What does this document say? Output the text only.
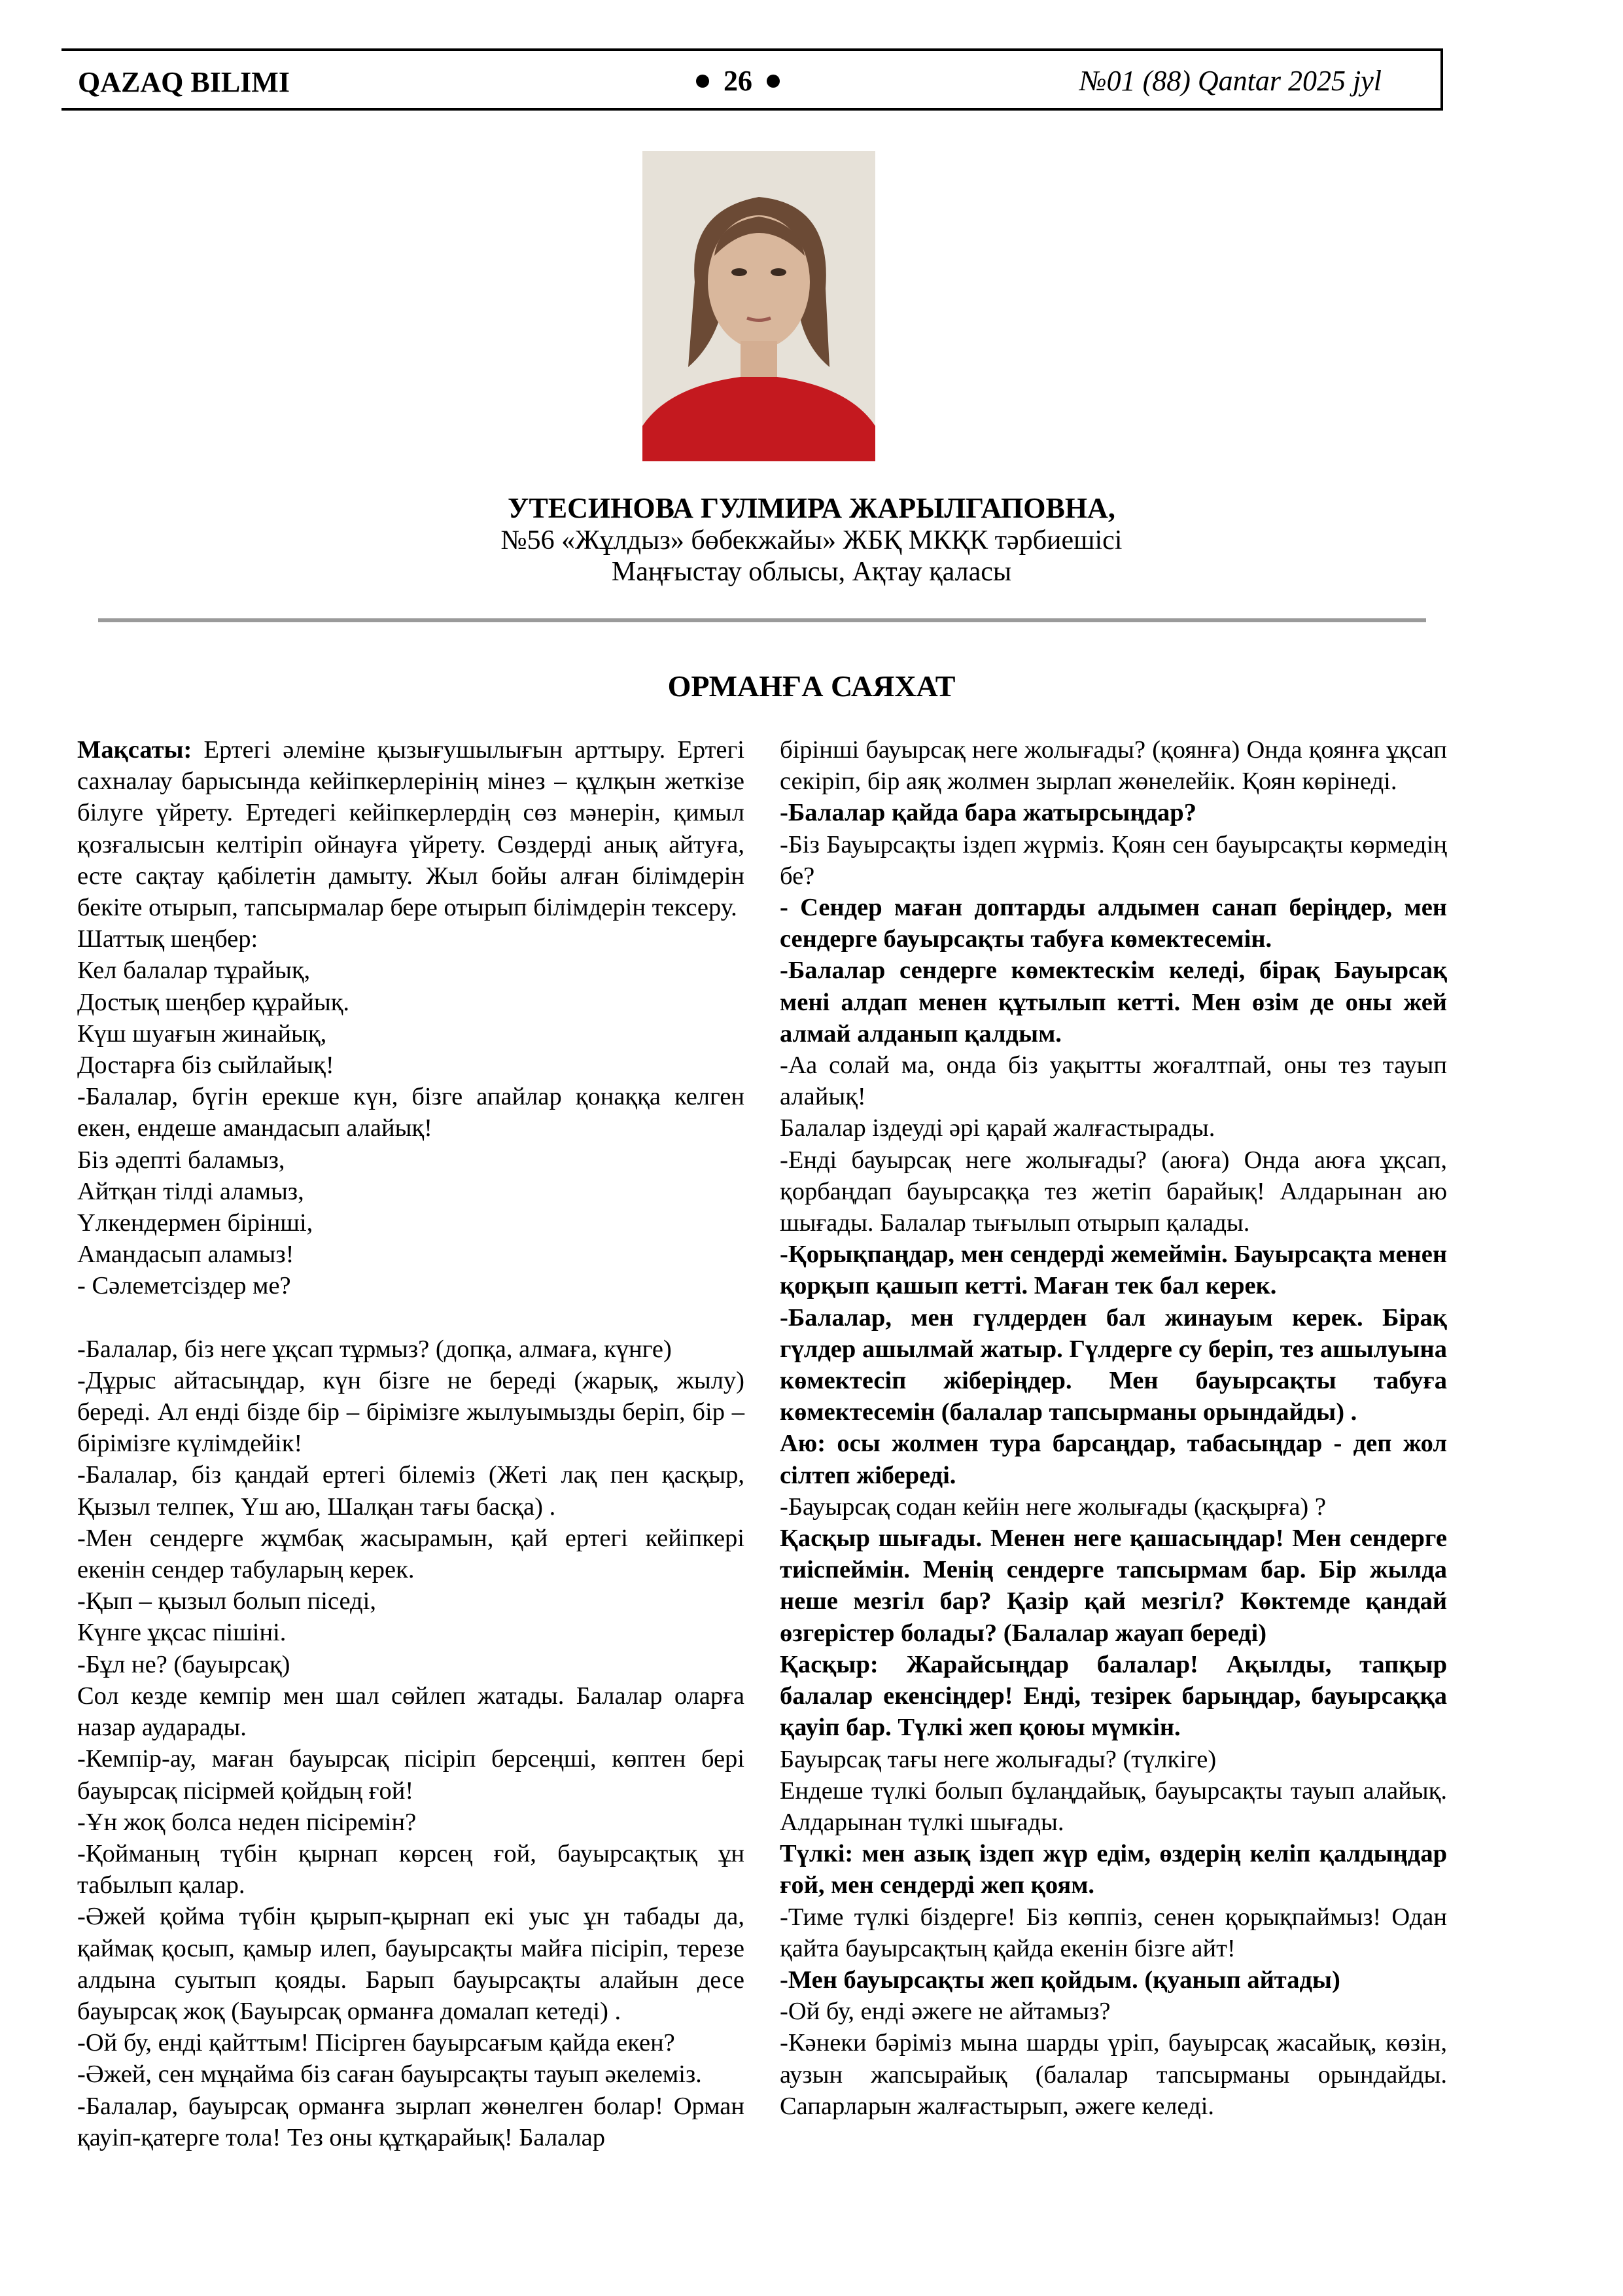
QAZAQ BILIMI	26	№01 (88) Qantar 2025 jyl
УТЕСИНОВА ГУЛМИРА ЖАРЫЛГАПОВНА,
№56 «Жұлдыз» бөбекжайы» ЖБҚ МКҚК тәрбиешісі
Маңғыстау облысы, Ақтау қаласы
ОРМАНҒА САЯХАТ

Мақсаты: Ертегі әлеміне қызығушылығын арттыру. Ертегі сахналау барысында кейіпкерлерінің мінез – құлқын жеткізе білуге үйрету. Ертедегі кейіпкерлердің сөз мәнерін, қимыл қозғалысын келтіріп ойнауға үйрету. Сөздерді анық айтуға, есте сақтау қабілетін дамыту. Жыл бойы алған білімдерін бекіте отырып, тапсырмалар бере отырып білімдерін тексеру.

Шаттық шеңбер:
Кел балалар тұрайық,
Достық шеңбер құрайық.
Күш шуағын жинайық,
Достарға біз сыйлайық!

-Балалар, бүгін ерекше күн, бізге апайлар қонаққа келген екен, ендеше амандасып алайық!

Біз әдепті баламыз,
Айтқан тілді аламыз,
Үлкендермен бірінші,
Амандасып аламыз!
- Сәлеметсіздер ме?

-Балалар, біз неге ұқсап тұрмыз? (допқа, алмаға, күнге)

-Дұрыс айтасыңдар, күн бізге не береді (жарық, жылу) береді. Ал енді бізде бір – бірімізге жылуымызды беріп, бір – бірімізге күлімдейік!

-Балалар, біз қандай ертегі білеміз (Жеті лақ пен қасқыр, Қызыл телпек, Үш аю, Шалқан тағы басқа) .

-Мен сендерге жұмбақ жасырамын, қай ертегі кейіпкері екенін сендер табуларың керек.

-Қып – қызыл болып піседі,

Күнге ұқсас пішіні.

-Бұл не? (бауырсақ)

Сол кезде кемпір мен шал сөйлеп жатады. Балалар оларға назар аударады.

-Кемпір-ау, маған бауырсақ пісіріп берсеңші, көптен бері бауырсақ пісірмей қойдың ғой!

-Ұн жоқ болса неден пісіремін?

-Қойманың түбін қырнап көрсең ғой, бауырсақтық ұн табылып қалар.

-Әжей қойма түбін қырып-қырнап екі уыс ұн табады да, қаймақ қосып, қамыр илеп, бауырсақты майға пісіріп, терезе алдына суытып қояды. Барып бауырсақты алайын десе бауырсақ жоқ (Бауырсақ орманға домалап кетеді) .

-Ой бу, енді қайттым! Пісірген бауырсағым қайда екен?

-Әжей, сен мұңайма біз саған бауырсақты тауып әкелеміз.

-Балалар, бауырсақ орманға зырлап жөнелген болар! Орман қауіп-қатерге тола! Тез оны құтқарайық! Балалар

бірінші бауырсақ неге жолығады? (қоянға) Онда қоянға ұқсап секіріп, бір аяқ жолмен зырлап жөнелейік. Қоян көрінеді.

-Балалар қайда бара жатырсыңдар?

-Біз Бауырсақты іздеп жүрміз. Қоян сен бауырсақты көрмедің бе?

- Сендер маған доптарды алдымен санап беріңдер, мен сендерге бауырсақты табуға көмектесемін.

-Балалар сендерге көмектескім келеді, бірақ Бауырсақ мені алдап менен құтылып кетті. Мен өзім де оны жей алмай алданып қалдым.

-Аа солай ма, онда біз уақытты жоғалтпай, оны тез тауып алайық!

Балалар іздеуді әрі қарай жалғастырады.

-Енді бауырсақ неге жолығады? (аюға) Онда аюға ұқсап, қорбаңдап бауырсаққа тез жетіп барайық! Алдарынан аю шығады. Балалар тығылып отырып қалады.

-Қорықпаңдар, мен сендерді жемеймін. Бауырсақта менен қорқып қашып кетті. Маған тек бал керек.

-Балалар, мен гүлдерден бал жинауым керек. Бірақ гүлдер ашылмай жатыр. Гүлдерге су беріп, тез ашылуына көмектесіп жіберіңдер. Мен бауырсақты табуға көмектесемін (балалар тапсырманы орындайды) .

Аю: осы жолмен тура барсаңдар, табасыңдар - деп жол сілтеп жібереді.

-Бауырсақ содан кейін неге жолығады (қасқырға) ?

Қасқыр шығады. Менен неге қашасыңдар! Мен сендерге тиіспеймін. Менің сендерге тапсырмам бар. Бір жылда неше мезгіл бар? Қазір қай мезгіл? Көктемде қандай өзгерістер болады? (Балалар жауап береді)

Қасқыр: Жарайсыңдар балалар! Ақылды, тапқыр балалар екенсіңдер! Енді, тезірек барыңдар, бауырсаққа қауіп бар. Түлкі жеп қоюы мүмкін.

Бауырсақ тағы неге жолығады? (түлкіге)

Ендеше түлкі болып бұлаңдайық, бауырсақты тауып алайық. Алдарынан түлкі шығады.

Түлкі: мен азық іздеп жүр едім, өздерің келіп қалдыңдар ғой, мен сендерді жеп қоям.

-Тиме түлкі біздерге! Біз көппіз, сенен қорықпаймыз! Одан қайта бауырсақтың қайда екенін бізге айт!

-Мен бауырсақты жеп қойдым. (қуанып айтады)

-Ой бу, енді әжеге не айтамыз?

-Кәнеки бәріміз мына шарды үріп, бауырсақ жасайық, көзін, аузын жапсырайық (балалар тапсырманы орындайды. Сапарларын жалғастырып, әжеге келеді.
